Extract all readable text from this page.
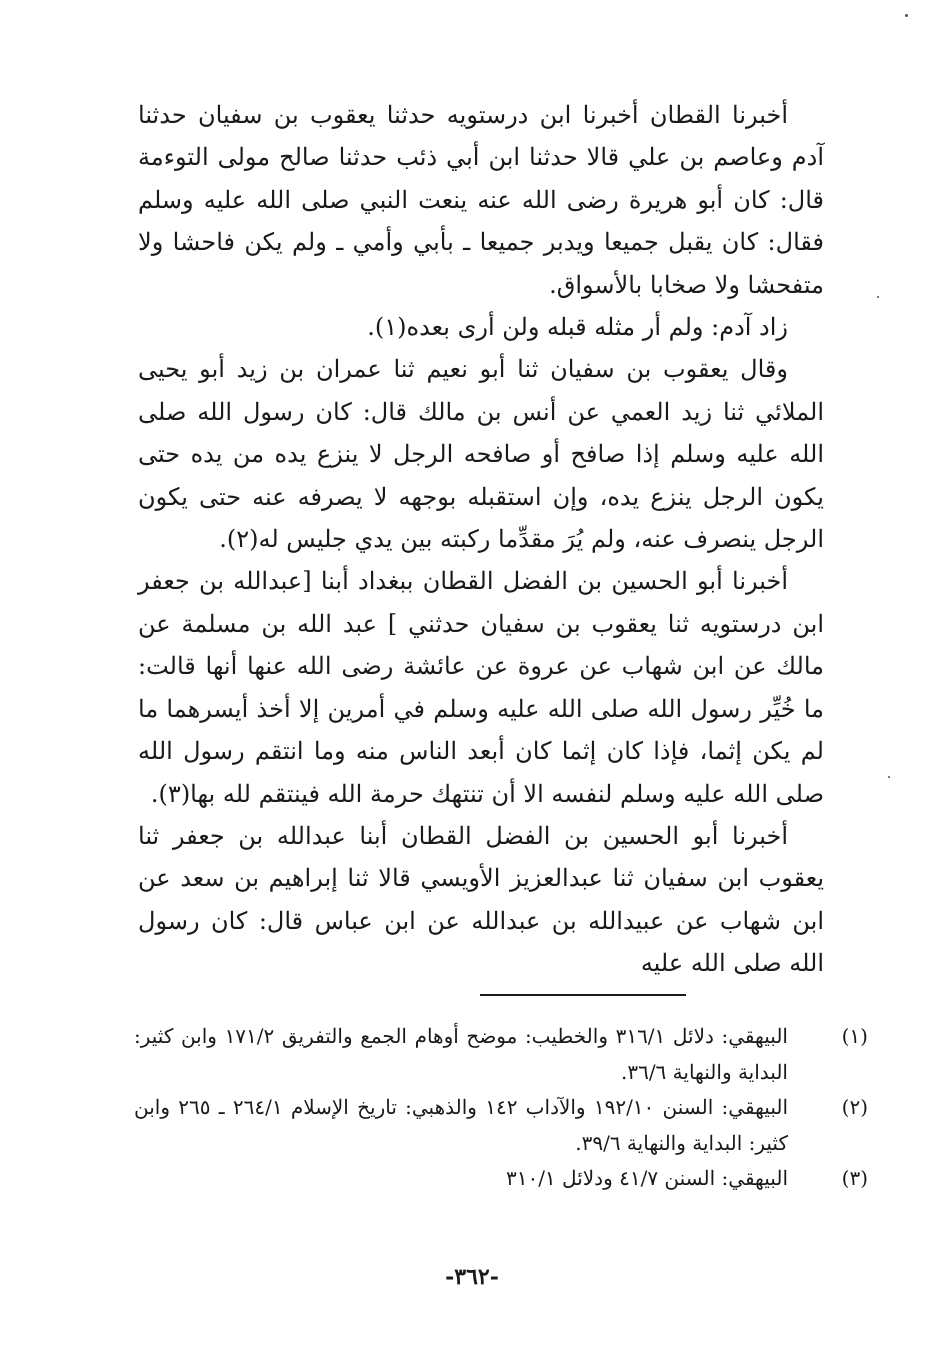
أخبرنا القطان أخبرنا ابن درستويه حدثنا يعقوب بن سفيان حدثنا آدم وعاصم بن علي قالا حدثنا ابن أبي ذئب حدثنا صالح مولى التوءمة قال: كان أبو هريرة رضى الله عنه ينعت النبي صلى الله عليه وسلم فقال: كان يقبل جميعا ويدبر جميعا ـ بأبي وأمي ـ ولم يكن فاحشا ولا متفحشا ولا صخابا بالأسواق.

زاد آدم: ولم أر مثله قبله ولن أرى بعده(١).

وقال يعقوب بن سفيان ثنا أبو نعيم ثنا عمران بن زيد أبو يحيى الملائي ثنا زيد العمي عن أنس بن مالك قال: كان رسول الله صلى الله عليه وسلم إذا صافح أو صافحه الرجل لا ينزع يده من يده حتى يكون الرجل ينزع يده، وإن استقبله بوجهه لا يصرفه عنه حتى يكون الرجل ينصرف عنه، ولم يُرَ مقدِّما ركبته بين يدي جليس له(٢).

أخبرنا أبو الحسين بن الفضل القطان ببغداد أبنا [عبدالله بن جعفر ابن درستويه ثنا يعقوب بن سفيان حدثني ] عبد الله بن مسلمة عن مالك عن ابن شهاب عن عروة عن عائشة رضى الله عنها أنها قالت: ما خُيِّر رسول الله صلى الله عليه وسلم في أمرين إلا أخذ أيسرهما ما لم يكن إثما، فإذا كان إثما كان أبعد الناس منه وما انتقم رسول الله صلى الله عليه وسلم لنفسه الا أن تنتهك حرمة الله فينتقم لله بها(٣).

أخبرنا أبو الحسين بن الفضل القطان أبنا عبدالله بن جعفر ثنا يعقوب ابن سفيان ثنا عبدالعزيز الأويسي قالا ثنا إبراهيم بن سعد عن ابن شهاب عن عبيدالله بن عبدالله عن ابن عباس قال: كان رسول الله صلى الله عليه

(١)البيهقي: دلائل ٣١٦/١ والخطيب: موضح أوهام الجمع والتفريق ١٧١/٢ وابن كثير: البداية والنهاية ٣٦/٦.

(٢)البيهقي: السنن ١٩٢/١٠ والآداب ١٤٢ والذهبي: تاريخ الإسلام ٢٦٤/١ ـ ٢٦٥ وابن كثير: البداية والنهاية ٣٩/٦.

(٣)البيهقي: السنن ٤١/٧ ودلائل ٣١٠/١

-٣٦٢-
